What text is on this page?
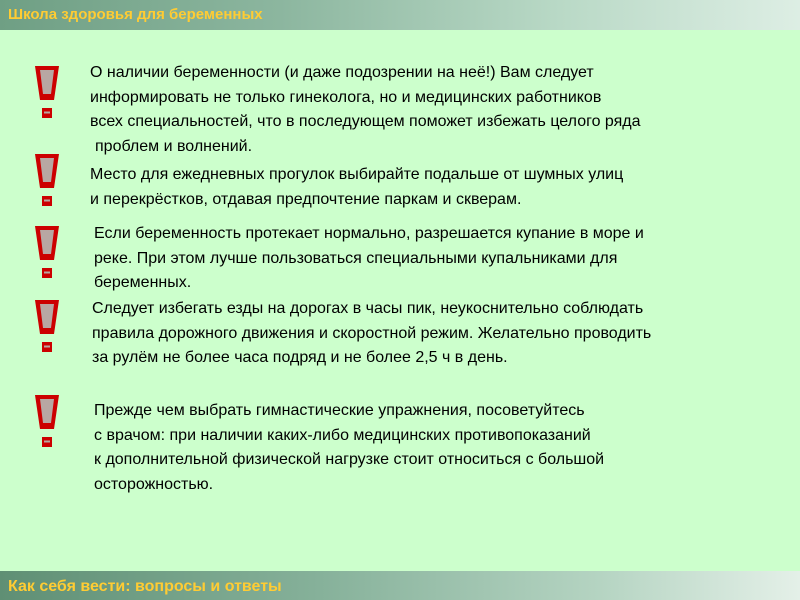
Школа здоровья для беременных
О наличии беременности (и даже подозрении на неё!) Вам следует
информировать не только гинеколога, но и медицинских работников
всех специальностей, что в последующем поможет избежать целого ряда
проблем и волнений.
Место для ежедневных прогулок выбирайте подальше от шумных улиц
и перекрёстков, отдавая предпочтение паркам и скверам.
Если беременность протекает нормально, разрешается купание в море и
реке. При этом лучше пользоваться специальными купальниками для
беременных.
Следует избегать езды на дорогах в часы пик, неукоснительно соблюдать
правила дорожного движения и скоростной режим. Желательно проводить
за рулём не более часа подряд и не более 2,5 ч в день.
Прежде чем выбрать гимнастические упражнения, посоветуйтесь
с врачом: при наличии каких-либо медицинских противопоказаний
к дополнительной физической нагрузке стоит относиться с большой
осторожностью.
Как себя вести: вопросы и ответы
